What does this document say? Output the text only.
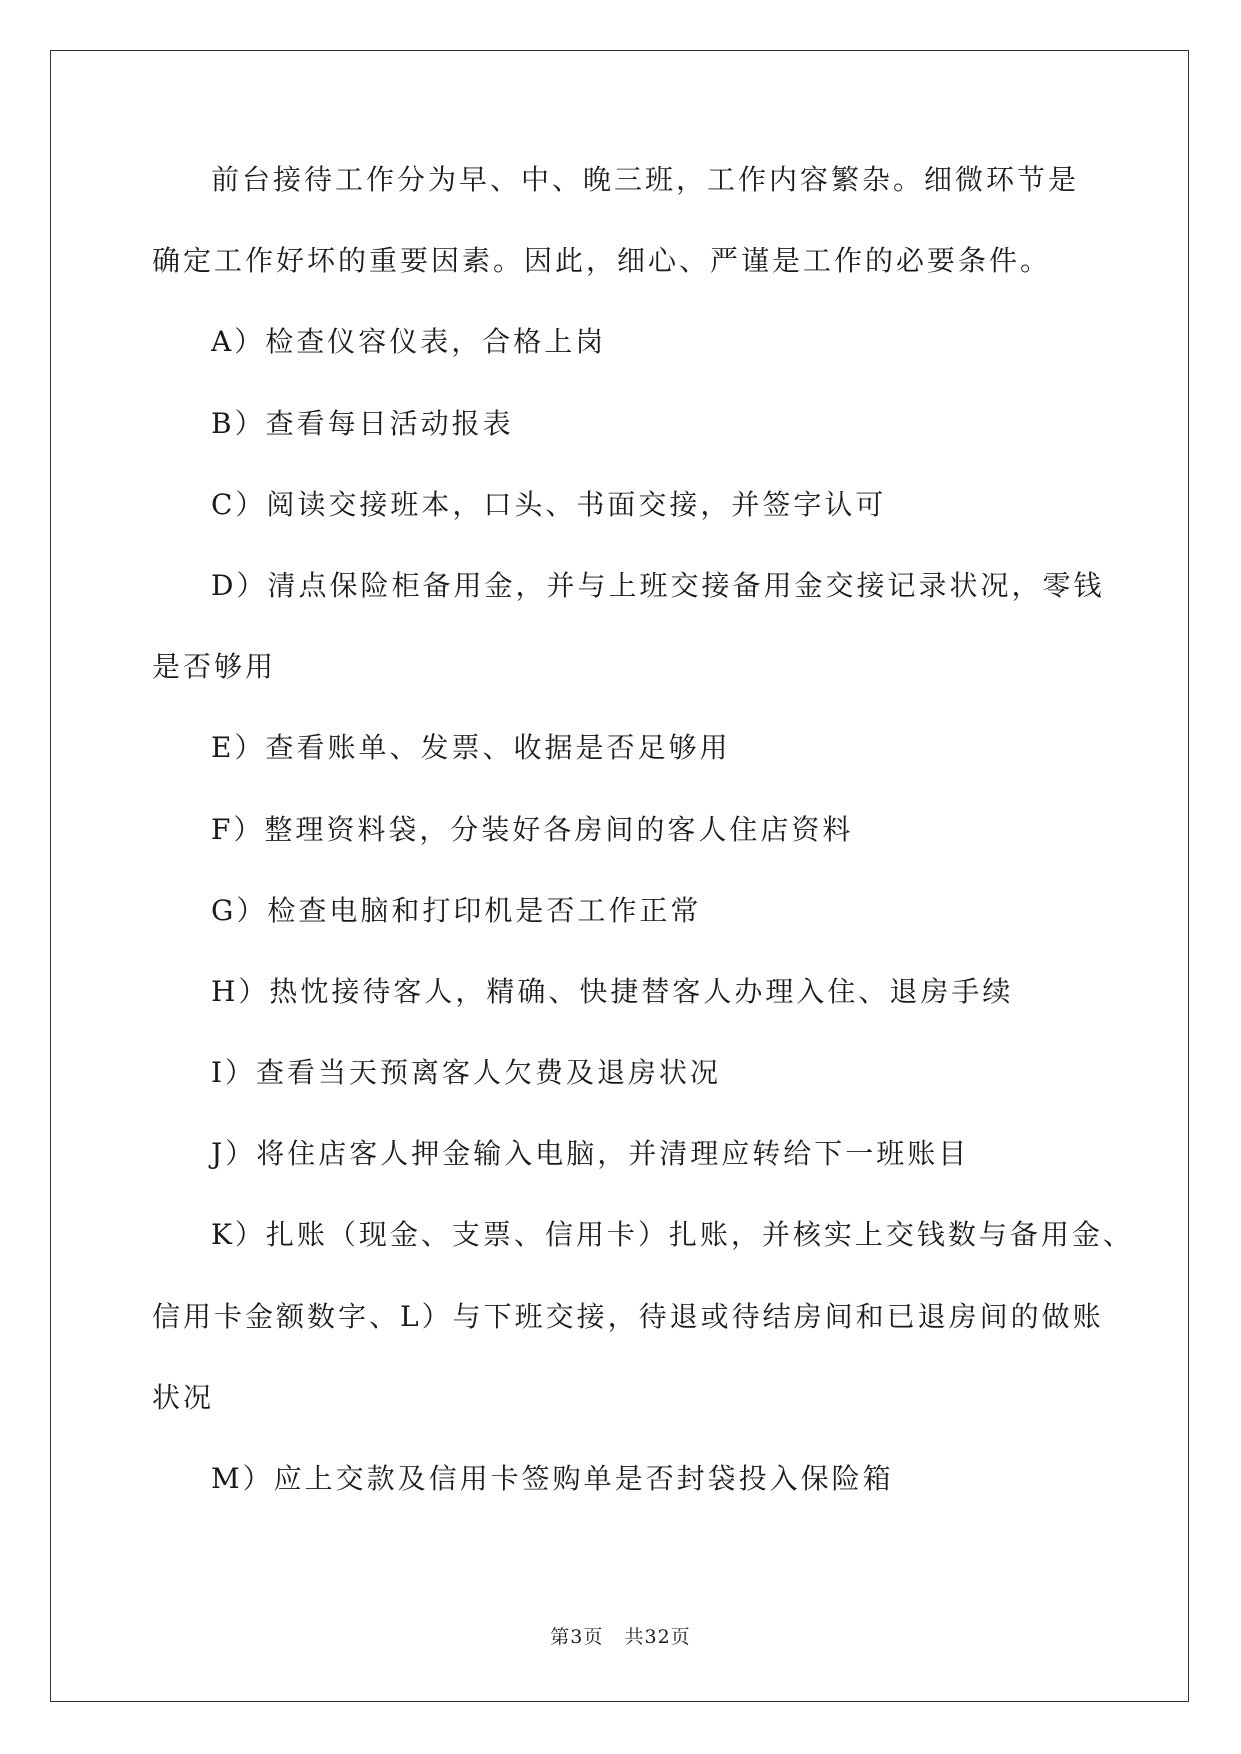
前台接待工作分为早、中、晚三班，工作内容繁杂。细微环节是
确定工作好坏的重要因素。因此，细心、严谨是工作的必要条件。
A）检查仪容仪表，合格上岗
B）查看每日活动报表
C）阅读交接班本，口头、书面交接，并签字认可
D）清点保险柜备用金，并与上班交接备用金交接记录状况，零钱
是否够用
E）查看账单、发票、收据是否足够用
F）整理资料袋，分装好各房间的客人住店资料
G）检查电脑和打印机是否工作正常
H）热忱接待客人，精确、快捷替客人办理入住、退房手续
I）查看当天预离客人欠费及退房状况
J）将住店客人押金输入电脑，并清理应转给下一班账目
K）扎账（现金、支票、信用卡）扎账，并核实上交钱数与备用金、
信用卡金额数字、L）与下班交接，待退或待结房间和已退房间的做账
状况
M）应上交款及信用卡签购单是否封袋投入保险箱
第3页   共32页
